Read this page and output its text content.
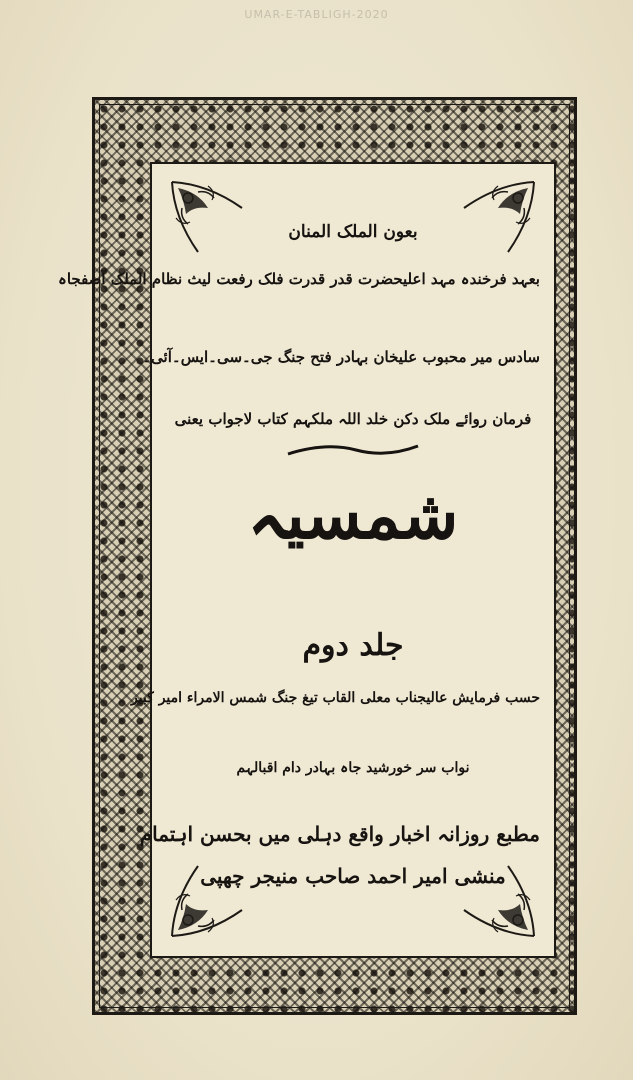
UMAR-E-TABLIGH-2020
بعون الملک المنان
بعہد فرخندہ مہد اعلیحضرت قدر قدرت فلک رفعت لیث نظام الملک آصفجاہ
سادس میر محبوب علیخان بہادر فتح جنگ جی۔سی۔ایس۔آئی۔
فرمان روائے ملک دکن خلد اللہ ملکہم کتاب لاجواب یعنی
شمسیہ
جلد دوم
حسب فرمایش عالیجناب معلی القاب تیغ جنگ شمس الامراء امیر کبیر
نواب سر خورشید جاہ بہادر دام اقبالہم
مطبع روزانہ اخبار واقع دہلی میں بحسن اہتمام
منشی امیر احمد صاحب منیجر چھپی
